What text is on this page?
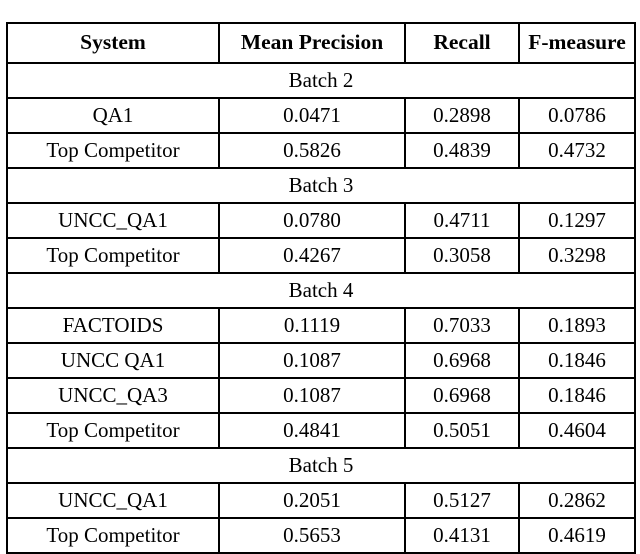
System	Mean Precision	Recall	F-measure
Batch 2			
QA1	0.0471	0.2898	0.0786
Top Competitor	0.5826	0.4839	0.4732
Batch 3			
UNCC_QA1	0.0780	0.4711	0.1297
Top Competitor	0.4267	0.3058	0.3298
Batch 4			
FACTOIDS	0.1119	0.7033	0.1893
UNCC QA1	0.1087	0.6968	0.1846
UNCC_QA3	0.1087	0.6968	0.1846
Top Competitor	0.4841	0.5051	0.4604
Batch 5			
UNCC_QA1	0.2051	0.5127	0.2862
Top Competitor	0.5653	0.4131	0.4619
